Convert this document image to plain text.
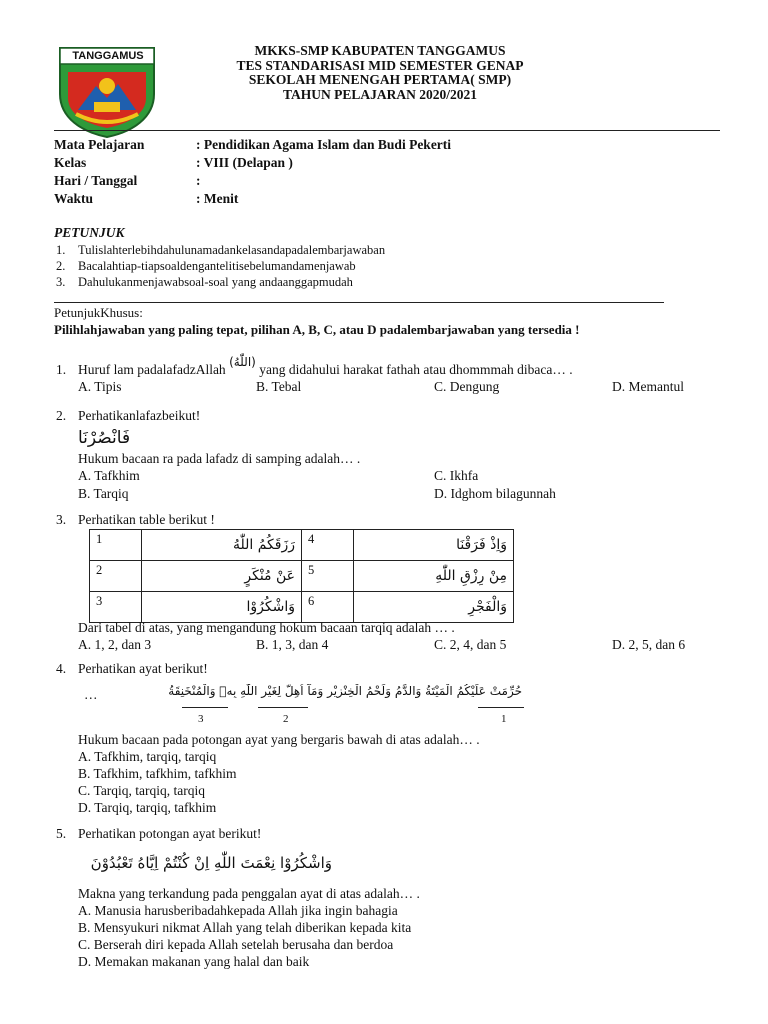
TANGGAMUS	MKKS-SMP KABUPATEN TANGGAMUS
TES STANDARISASI MID SEMESTER GENAP
SEKOLAH MENENGAH PERTAMA( SMP)
TAHUN PELAJARAN 2020/2021
Mata Pelajaran	: Pendidikan Agama Islam dan Budi Pekerti
Kelas	: VIII (Delapan )
Hari / Tanggal	:
Waktu	: Menit
PETUNJUK
1. Tulislahterlebihdahulunamadankelasandapadalembarjawaban
2. Bacalahtiap-tiapsoaldengantelitisebelumandamenjawab
3. Dahulukanmenjawabsoal-soal yang andaanggapmudah
PetunjukKhusus:
Pilihlahjawaban yang paling tepat, pilihan A, B, C, atau D padalembarjawaban yang tersedia !
1. Huruf lam padalafadzAllah (اللّٰهُ) yang didahului harakat fathah atau dhommmah dibaca… .
A. Tipis	B. Tebal	C. Dengung	D. Memantul
2. Perhatikanlafazbeikut!
فَانْصُرْنَا
Hukum bacaan ra pada lafadz di samping adalah… .
A. Tafkhim	C. Ikhfa
B. Tarqiq	D. Idghom bilagunnah
3. Perhatikan table berikut !
1	رَزَقَكُمُ اللّٰهُ	4	وَاِذْ فَرَقْنَا
2	عَنْ مُنْكَرٍ	5	مِنْ رِزْقِ اللّٰهِ
3	وَاشْكُرُوْا	6	وَالْفَجْرِ
Dari tabel di atas, yang mengandung hokum bacaan tarqiq adalah … .
A. 1, 2, dan 3	B. 1, 3, dan 4	C. 2, 4, dan 5	D. 2, 5, dan 6
4. Perhatikan ayat berikut!
…	حُرِّمَتْ عَلَيْكُمُ الْمَيْتَةُ وَالدَّمُ وَلَحْمُ الْخِنْزِيْرِ وَمَآ اُهِلَّ لِغَيْرِ اللّٰهِ بِهٖ وَالْمُنْخَنِقَةُ
3	2	1
Hukum bacaan pada potongan ayat yang bergaris bawah di atas adalah… .
A. Tafkhim, tarqiq, tarqiq
B. Tafkhim, tafkhim, tafkhim
C. Tarqiq, tarqiq, tarqiq
D. Tarqiq, tarqiq, tafkhim
5. Perhatikan potongan ayat berikut!
وَاشْكُرُوْا نِعْمَتَ اللّٰهِ اِنْ كُنْتُمْ اِيَّاهُ تَعْبُدُوْنَ
Makna yang terkandung pada penggalan ayat di atas adalah… .
A. Manusia harusberibadahkepada Allah jika ingin bahagia
B. Mensyukuri nikmat Allah yang telah diberikan kepada kita
C. Berserah diri kepada Allah setelah berusaha dan berdoa
D. Memakan makanan yang halal dan baik
